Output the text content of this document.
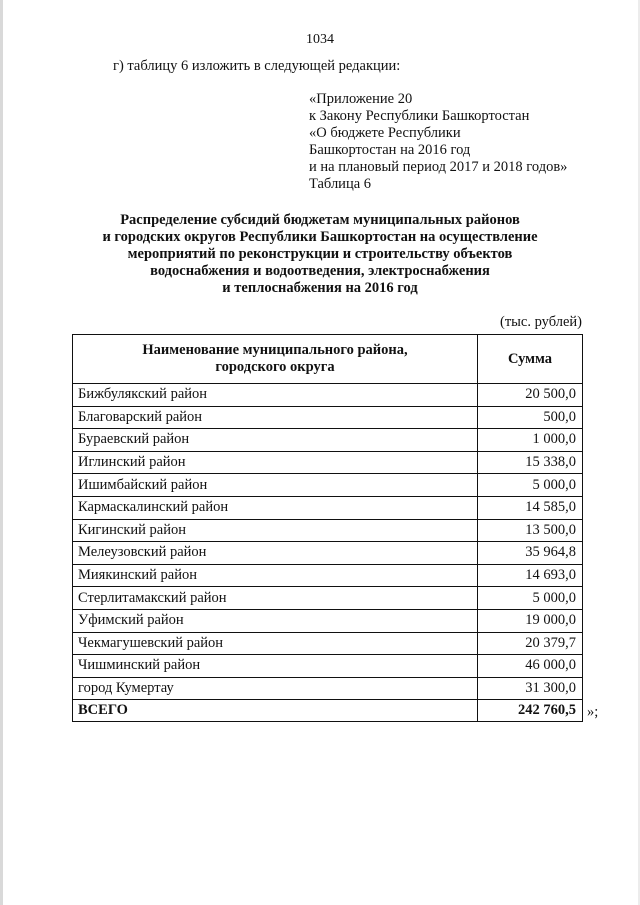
1034
г) таблицу 6 изложить в следующей редакции:
«Приложение 20
к Закону Республики Башкортостан
«О бюджете Республики
Башкортостан на 2016 год
и на плановый период 2017 и 2018 годов»
Таблица 6
Распределение субсидий бюджетам муниципальных районов
и городских округов Республики Башкортостан на осуществление
мероприятий по реконструкции и строительству объектов
водоснабжения и водоотведения, электроснабжения
и теплоснабжения на 2016 год
(тыс. рублей)
Наименование муниципального района,
городского округа	Сумма
Бижбулякский район	20 500,0
Благоварский район	500,0
Бураевский район	1 000,0
Иглинский район	15 338,0
Ишимбайский район	5 000,0
Кармаскалинский район	14 585,0
Кигинский район	13 500,0
Мелеузовский район	35 964,8
Миякинский район	14 693,0
Стерлитамакский район	5 000,0
Уфимский район	19 000,0
Чекмагушевский район	20 379,7
Чишминский район	46 000,0
город Кумертау	31 300,0
ВСЕГО	242 760,5 »;
